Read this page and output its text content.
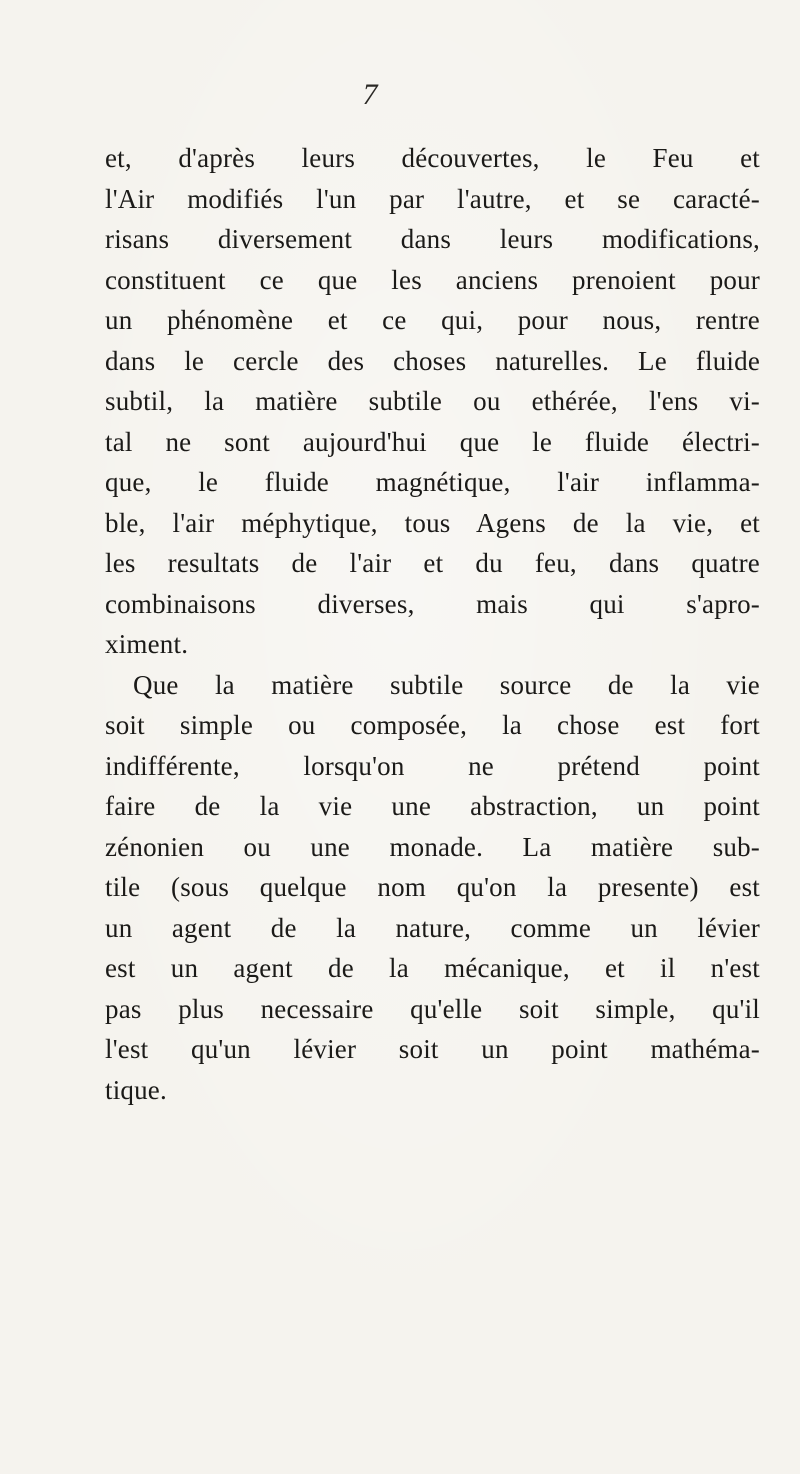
7
et, d'après leurs découvertes, le Feu et
l'Air modifiés l'un par l'autre, et se caracté-
risans diversement dans leurs modifications,
constituent ce que les anciens prenoient pour
un phénomène et ce qui, pour nous, rentre
dans le cercle des choses naturelles. Le fluide
subtil, la matière subtile ou ethérée, l'ens vi-
tal ne sont aujourd'hui que le fluide électri-
que, le fluide magnétique, l'air inflamma-
ble, l'air méphytique, tous Agens de la vie, et
les resultats de l'air et du feu, dans quatre
combinaisons diverses, mais qui s'apro-
ximent.
Que la matière subtile source de la vie
soit simple ou composée, la chose est fort
indifférente, lorsqu'on ne prétend point
faire de la vie une abstraction, un point
zénonien ou une monade. La matière sub-
tile (sous quelque nom qu'on la presente) est
un agent de la nature, comme un lévier
est un agent de la mécanique, et il n'est
pas plus necessaire qu'elle soit simple, qu'il
l'est qu'un lévier soit un point mathéma-
tique.
